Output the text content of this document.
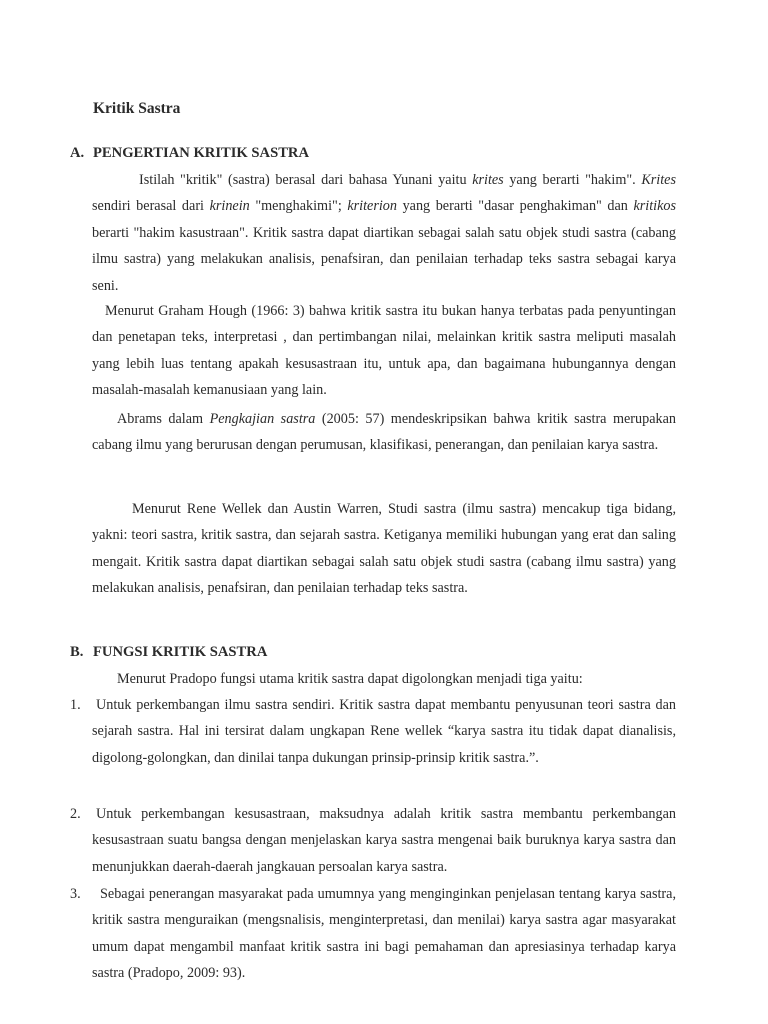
Kritik Sastra
A. PENGERTIAN KRITIK SASTRA

Istilah "kritik" (sastra) berasal dari bahasa Yunani yaitu krites yang berarti "hakim". Krites sendiri berasal dari krinein "menghakimi"; kriterion yang berarti "dasar penghakiman" dan kritikos berarti "hakim kasustraan". Kritik sastra dapat diartikan sebagai salah satu objek studi sastra (cabang ilmu sastra) yang melakukan analisis, penafsiran, dan penilaian terhadap teks sastra sebagai karya seni.

Menurut Graham Hough (1966: 3) bahwa kritik sastra itu bukan hanya terbatas pada penyuntingan dan penetapan teks, interpretasi , dan pertimbangan nilai, melainkan kritik sastra meliputi masalah yang lebih luas tentang apakah kesusastraan itu, untuk apa, dan bagaimana hubungannya dengan masalah-masalah kemanusiaan yang lain.

Abrams dalam Pengkajian sastra (2005: 57) mendeskripsikan bahwa kritik sastra merupakan cabang ilmu yang berurusan dengan perumusan, klasifikasi, penerangan, dan penilaian karya sastra.

Menurut Rene Wellek dan Austin Warren, Studi sastra (ilmu sastra) mencakup tiga bidang, yakni: teori sastra, kritik sastra, dan sejarah sastra. Ketiganya memiliki hubungan yang erat dan saling mengait. Kritik sastra dapat diartikan sebagai salah satu objek studi sastra (cabang ilmu sastra) yang melakukan analisis, penafsiran, dan penilaian terhadap teks sastra.

B. FUNGSI KRITIK SASTRA

Menurut Pradopo fungsi utama kritik sastra dapat digolongkan menjadi tiga yaitu:

1. Untuk perkembangan ilmu sastra sendiri. Kritik sastra dapat membantu penyusunan teori sastra dan sejarah sastra. Hal ini tersirat dalam ungkapan Rene wellek “karya sastra itu tidak dapat dianalisis, digolong-golongkan, dan dinilai tanpa dukungan prinsip-prinsip kritik sastra.”.

2. Untuk perkembangan kesusastraan, maksudnya adalah kritik sastra membantu perkembangan kesusastraan suatu bangsa dengan menjelaskan karya sastra mengenai baik buruknya karya sastra dan menunjukkan daerah-daerah jangkauan persoalan karya sastra.

3.	Sebagai penerangan masyarakat pada umumnya yang menginginkan penjelasan tentang karya sastra, kritik sastra menguraikan (mengsnalisis, menginterpretasi, dan menilai) karya sastra agar masyarakat umum dapat mengambil manfaat kritik sastra ini bagi pemahaman dan apresiasinya terhadap karya sastra (Pradopo, 2009: 93).
